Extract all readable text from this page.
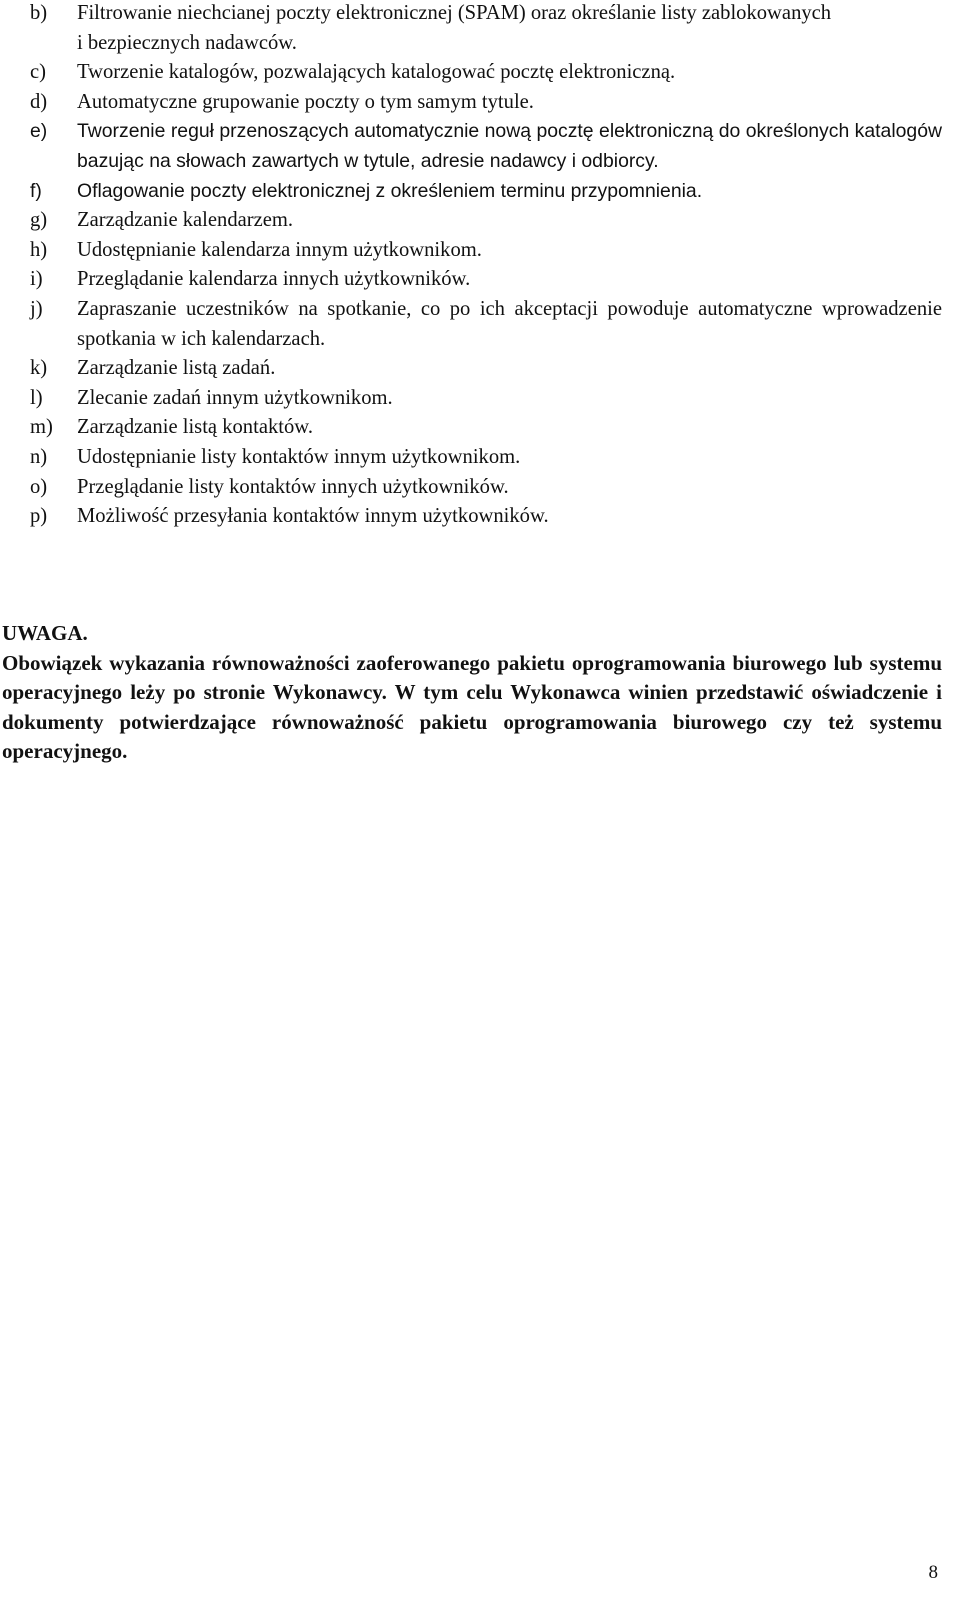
b) Filtrowanie niechcianej poczty elektronicznej (SPAM) oraz określanie listy zablokowanych
i bezpiecznych nadawców.
c) Tworzenie katalogów, pozwalających katalogować pocztę elektroniczną.
d) Automatyczne grupowanie poczty o tym samym tytule.
e) Tworzenie reguł przenoszących automatycznie nową pocztę elektroniczną do określonych katalogów bazując na słowach zawartych w tytule, adresie nadawcy i odbiorcy.
f) Oflagowanie poczty elektronicznej z określeniem terminu przypomnienia.
g) Zarządzanie kalendarzem.
h) Udostępnianie kalendarza innym użytkownikom.
i) Przeglądanie kalendarza innych użytkowników.
j) Zapraszanie uczestników na spotkanie, co po ich akceptacji powoduje automatyczne wprowadzenie spotkania w ich kalendarzach.
k) Zarządzanie listą zadań.
l) Zlecanie zadań innym użytkownikom.
m) Zarządzanie listą kontaktów.
n) Udostępnianie listy kontaktów innym użytkownikom.
o) Przeglądanie listy kontaktów innych użytkowników.
p) Możliwość przesyłania kontaktów innym użytkowników.
UWAGA.
Obowiązek wykazania równoważności zaoferowanego pakietu oprogramowania biurowego lub systemu operacyjnego leży po stronie Wykonawcy. W tym celu Wykonawca winien przedstawić oświadczenie i dokumenty potwierdzające równoważność pakietu oprogramowania biurowego czy też systemu operacyjnego.
8
